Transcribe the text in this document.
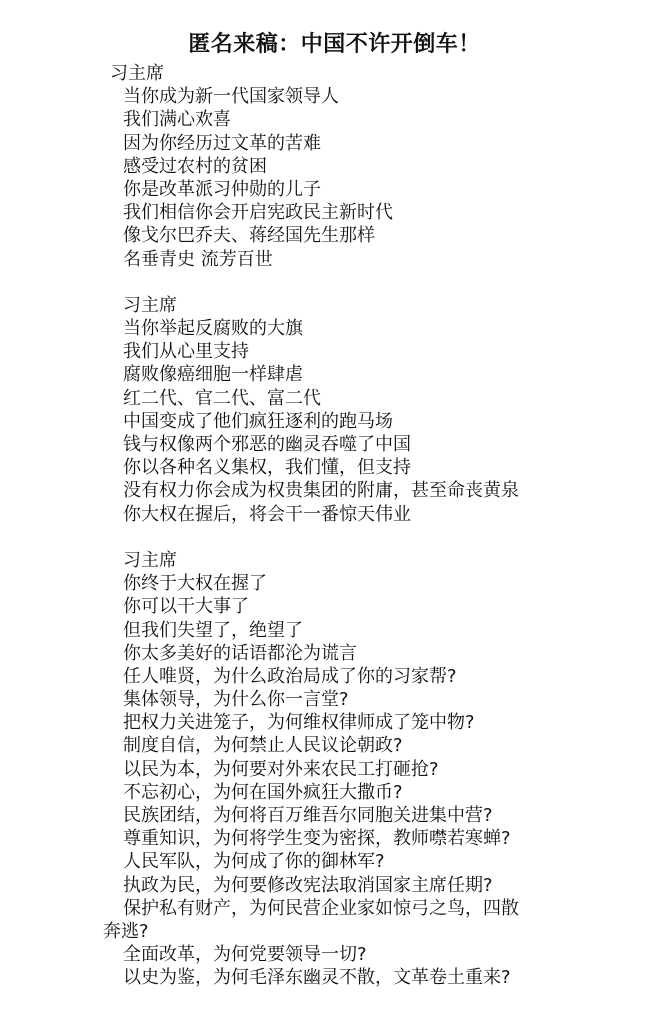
匿名来稿：中国不许开倒车！
习主席
当你成为新一代国家领导人
我们满心欢喜
因为你经历过文革的苦难
感受过农村的贫困
你是改革派习仲勋的儿子
我们相信你会开启宪政民主新时代
像戈尔巴乔夫、蒋经国先生那样
名垂青史 流芳百世
习主席
当你举起反腐败的大旗
我们从心里支持
腐败像癌细胞一样肆虐
红二代、官二代、富二代
中国变成了他们疯狂逐利的跑马场
钱与权像两个邪恶的幽灵吞噬了中国
你以各种名义集权，我们懂，但支持
没有权力你会成为权贵集团的附庸，甚至命丧黄泉
你大权在握后，将会干一番惊天伟业
习主席
你终于大权在握了
你可以干大事了
但我们失望了，绝望了
你太多美好的话语都沦为谎言
任人唯贤，为什么政治局成了你的习家帮?
集体领导，为什么你一言堂?
把权力关进笼子，为何维权律师成了笼中物?
制度自信，为何禁止人民议论朝政?
以民为本，为何要对外来农民工打砸抢?
不忘初心，为何在国外疯狂大撒币?
民族团结，为何将百万维吾尔同胞关进集中营?
尊重知识，为何将学生变为密探，教师噤若寒蝉?
人民军队，为何成了你的御林军?
执政为民，为何要修改宪法取消国家主席任期?
保护私有财产，为何民营企业家如惊弓之鸟，四散
奔逃?
全面改革，为何党要领导一切?
以史为鉴，为何毛泽东幽灵不散，文革卷土重来?
